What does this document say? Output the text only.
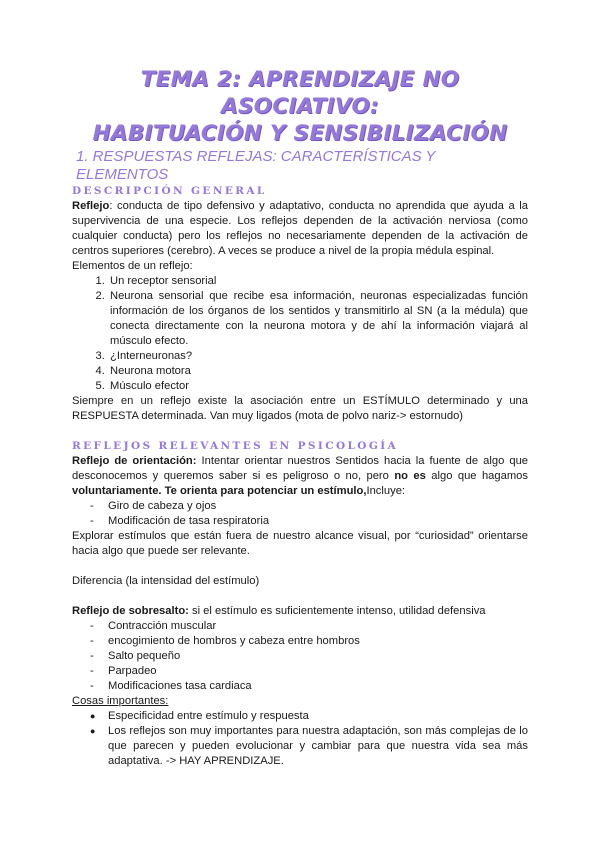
TEMA 2: APRENDIZAJE NO ASOCIATIVO:
HABITUACIÓN Y SENSIBILIZACIÓN
1. RESPUESTAS REFLEJAS: CARACTERÍSTICAS Y ELEMENTOS
DESCRIPCIÓN GENERAL

Reflejo: conducta de tipo defensivo y adaptativo, conducta no aprendida que ayuda a la supervivencia de una especie. Los reflejos dependen de la activación nerviosa (como cualquier conducta) pero los reflejos no necesariamente dependen de la activación de centros superiores (cerebro). A veces se produce a nivel de la propia médula espinal.

Elementos de un reflejo:

1. Un receptor sensorial
2. Neurona sensorial que recibe esa información, neuronas especializadas función información de los órganos de los sentidos y transmitirlo al SN (a la médula) que conecta directamente con la neurona motora y de ahí la información viajará al músculo efecto.
3. ¿Interneuronas?
4. Neurona motora
5. Músculo efector

Siempre en un reflejo existe la asociación entre un ESTÍMULO determinado y una RESPUESTA determinada. Van muy ligados (mota de polvo nariz-> estornudo)

REFLEJOS RELEVANTES EN PSICOLOGÍA

Reflejo de orientación: Intentar orientar nuestros Sentidos hacia la fuente de algo que desconocemos y queremos saber si es peligroso o no, pero no es algo que hagamos voluntariamente. Te orienta para potenciar un estímulo,Incluye:

- Giro de cabeza y ojos
- Modificación de tasa respiratoria

Explorar estímulos que están fuera de nuestro alcance visual, por “curiosidad” orientarse hacia algo que puede ser relevante.

Diferencia (la intensidad del estímulo)

Reflejo de sobresalto: si el estímulo es suficientemente intenso, utilidad defensiva

- Contracción muscular
- encogimiento de hombros y cabeza entre hombros
- Salto pequeño
- Parpadeo
- Modificaciones tasa cardiaca

Cosas importantes:

● Especificidad entre estímulo y respuesta
● Los reflejos son muy importantes para nuestra adaptación, son más complejas de lo que parecen y pueden evolucionar y cambiar para que nuestra vida sea más adaptativa. -> HAY APRENDIZAJE.
